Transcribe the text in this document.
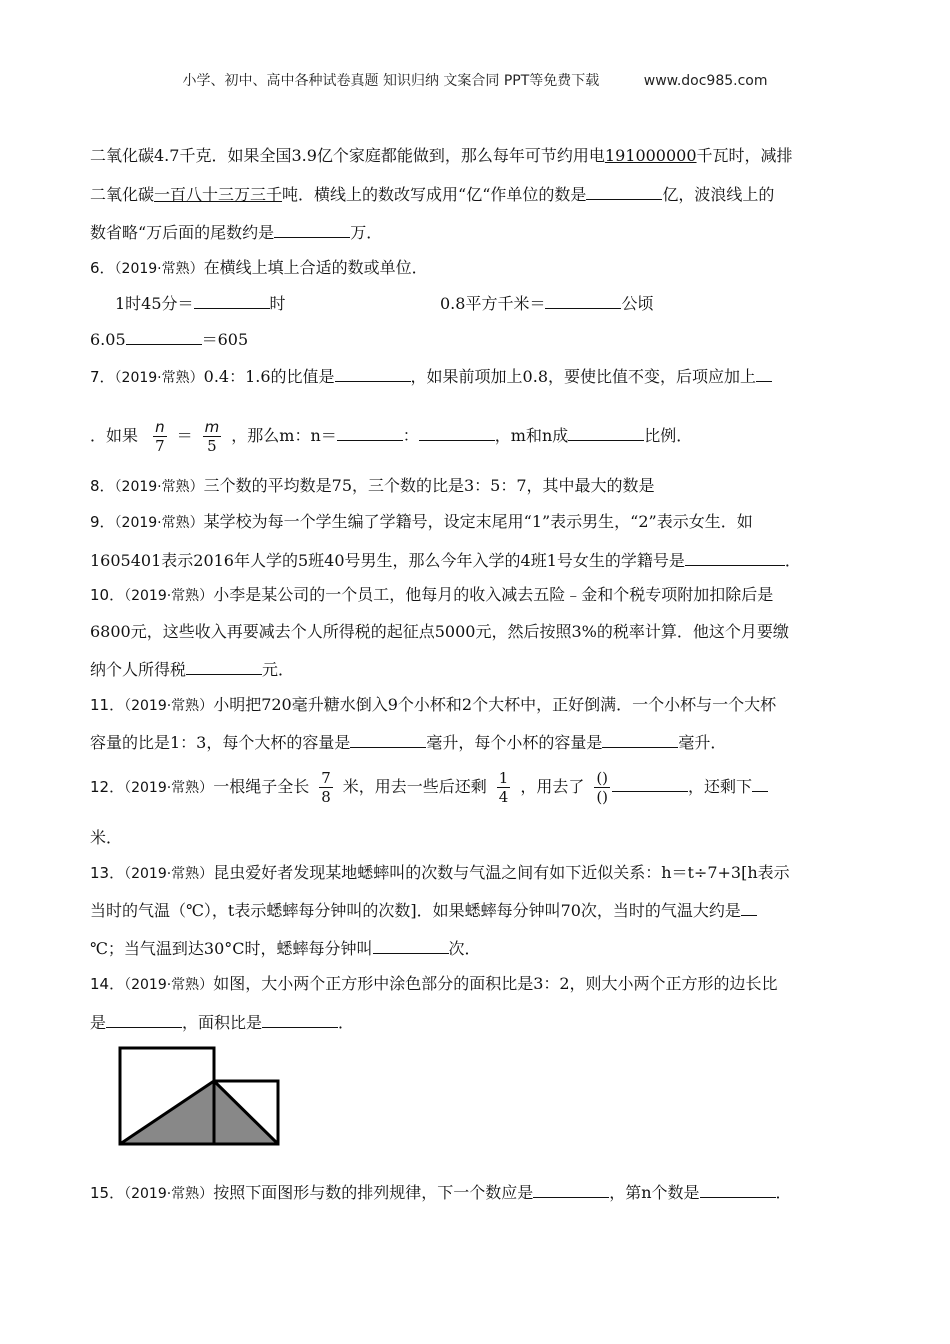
小学、初中、高中各种试卷真题 知识归纳 文案合同 PPT等免费下载	www.doc985.com
二氧化碳4.7千克．如果全国3.9亿个家庭都能做到，那么每年可节约用电191000000千瓦时，减排
二氧化碳一百八十三万三千吨．横线上的数改写成用“亿“作单位的数是	亿，波浪线上的
数省略“万后面的尾数约是	万．
6．（2019·常熟）在横线上填上合适的数或单位．
1时45分＝	时	0.8平方千米＝	公顷
6.05	＝605
7．（2019·常熟）0.4：1.6的比值是	，如果前项加上0.8，要使比值不变，后项应加上
．如果 $\frac{n}{7} = \frac{m}{5}$ ，那么m：n＝	：	，m和n成	比例．
8．（2019·常熟）三个数的平均数是75，三个数的比是3：5：7，其中最大的数是
9．（2019·常熟）某学校为每一个学生编了学籍号，设定末尾用“1”表示男生，“2”表示女生．如
1605401表示2016年人学的5班40号男生，那么今年入学的4班1号女生的学籍号是	．
10．（2019·常熟）小李是某公司的一个员工，他每月的收入减去五险﹣金和个税专项附加扣除后是
6800元，这些收入再要减去个人所得税的起征点5000元，然后按照3%的税率计算．他这个月要缴
纳个人所得税	元．
11．（2019·常熟）小明把720毫升糖水倒入9个小杯和2个大杯中，正好倒满．一个小杯与一个大杯
容量的比是1：3，每个大杯的容量是	毫升，每个小杯的容量是	毫升．
12．（2019·常熟）一根绳子全长 $\frac{7}{8}$ 米，用去一些后还剩 $\frac{1}{4}$ ，用去了 $\frac{()}{()}$	，还剩下
米．
13．（2019·常熟）昆虫爱好者发现某地蟋蟀叫的次数与气温之间有如下近似关系：h＝t÷7+3[h表示
当时的气温（℃），t表示蟋蟀每分钟叫的次数]．如果蟋蟀每分钟叫70次，当时的气温大约是
℃；当气温到达30°C时，蟋蟀每分钟叫	次．
14．（2019·常熟）如图，大小两个正方形中涂色部分的面积比是3：2，则大小两个正方形的边长比
是	，面积比是	．
15．（2019·常熟）按照下面图形与数的排列规律，下一个数应是	，第n个数是	．
